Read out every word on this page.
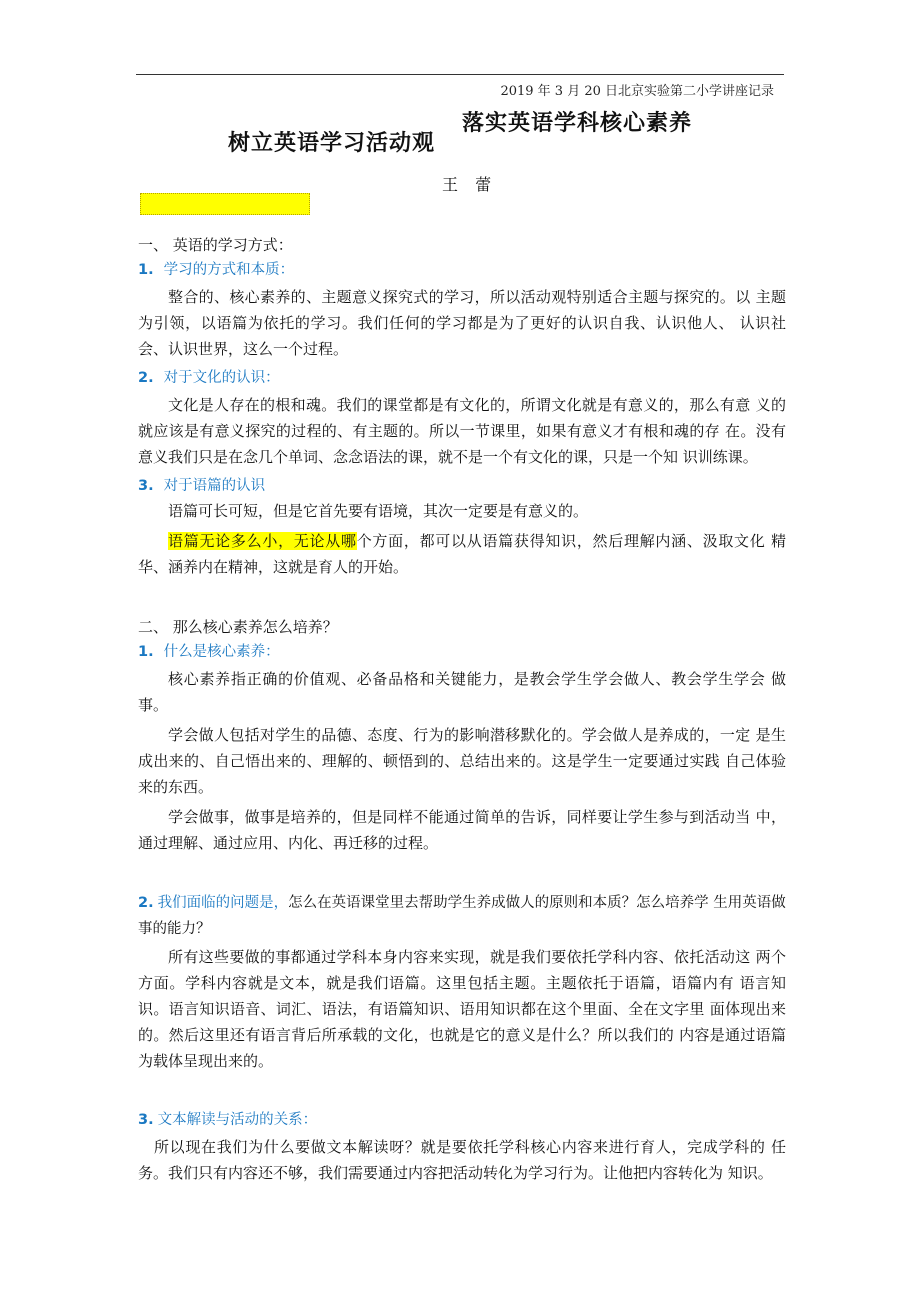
2019 年 3 月 20 日北京实验第二小学讲座记录
落实英语学科核心素养
树立英语学习活动观
王 蕾

一、 英语的学习方式：

1. 学习的方式和本质：

整合的、核心素养的、主题意义探究式的学习，所以活动观特别适合主题与探究的。以 主题为引领，以语篇为依托的学习。我们任何的学习都是为了更好的认识自我、认识他人、 认识社会、认识世界，这么一个过程。

2. 对于文化的认识：

文化是人存在的根和魂。我们的课堂都是有文化的，所谓文化就是有意义的，那么有意 义的就应该是有意义探究的过程的、有主题的。所以一节课里，如果有意义才有根和魂的存 在。没有意义我们只是在念几个单词、念念语法的课，就不是一个有文化的课，只是一个知 识训练课。

3. 对于语篇的认识

语篇可长可短，但是它首先要有语境，其次一定要是有意义的。

语篇无论多么小，无论从哪个方面，都可以从语篇获得知识，然后理解内涵、汲取文化 精华、涵养内在精神，这就是育人的开始。

二、 那么核心素养怎么培养？

1. 什么是核心素养：

核心素养指正确的价值观、必备品格和关键能力，是教会学生学会做人、教会学生学会 做事。

学会做人包括对学生的品德、态度、行为的影响潜移默化的。学会做人是养成的，一定 是生成出来的、自己悟出来的、理解的、顿悟到的、总结出来的。这是学生一定要通过实践 自己体验来的东西。

学会做事，做事是培养的，但是同样不能通过简单的告诉，同样要让学生参与到活动当 中，通过理解、通过应用、内化、再迁移的过程。

2. 我们面临的问题是，怎么在英语课堂里去帮助学生养成做人的原则和本质？怎么培养学 生用英语做事的能力？

所有这些要做的事都通过学科本身内容来实现，就是我们要依托学科内容、依托活动这 两个方面。学科内容就是文本，就是我们语篇。这里包括主题。主题依托于语篇，语篇内有 语言知识。语言知识语音、词汇、语法，有语篇知识、语用知识都在这个里面、全在文字里 面体现出来的。然后这里还有语言背后所承载的文化，也就是它的意义是什么？所以我们的 内容是通过语篇为载体呈现出来的。

3. 文本解读与活动的关系：

所以现在我们为什么要做文本解读呀？就是要依托学科核心内容来进行育人，完成学科的 任务。我们只有内容还不够，我们需要通过内容把活动转化为学习行为。让他把内容转化为 知识。
